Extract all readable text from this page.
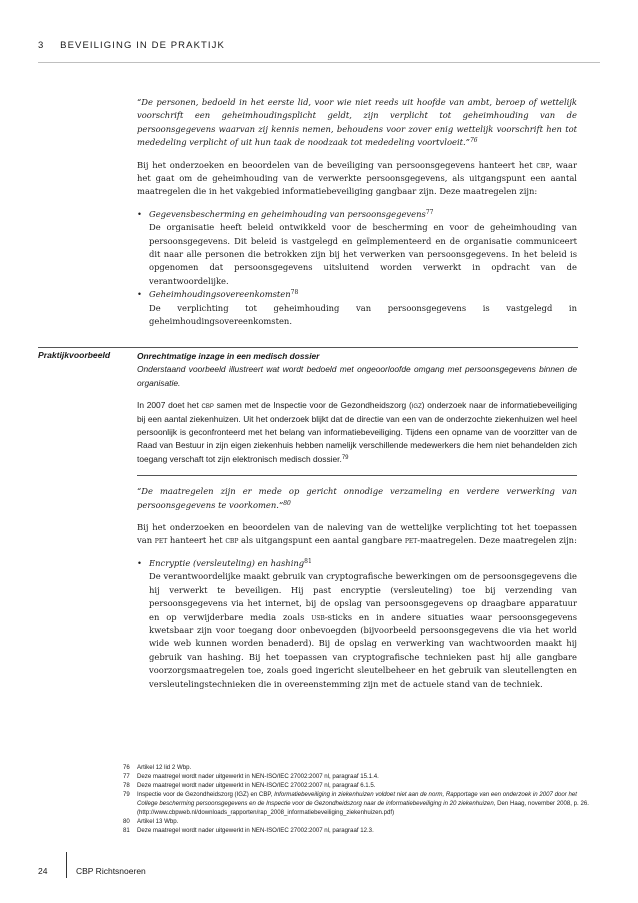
3 BEVEILIGING IN DE PRAKTIJK

“De personen, bedoeld in het eerste lid, voor wie niet reeds uit hoofde van ambt, beroep of wettelijk voorschrift een geheimhoudingsplicht geldt, zijn verplicht tot geheimhouding van de persoonsgegevens waarvan zij kennis nemen, behoudens voor zover enig wettelijk voorschrift hen tot mededeling verplicht of uit hun taak de noodzaak tot mededeling voortvloeit.”$^{76}$

Bij het onderzoeken en beoordelen van de beveiliging van persoonsgegevens hanteert het cbp, waar het gaat om de geheimhouding van de verwerkte persoonsgegevens, als uitgangspunt een aantal maatregelen die in het vakgebied informatiebeveiliging gangbaar zijn. Deze maatregelen zijn:

• Gegevensbescherming en geheimhouding van persoonsgegevens$^{77}$
De organisatie heeft beleid ontwikkeld voor de bescherming en voor de geheimhouding van persoonsgegevens. Dit beleid is vastgelegd en geïmplementeerd en de organisatie communiceert dit naar alle personen die betrokken zijn bij het verwerken van persoonsgegevens. In het beleid is opgenomen dat persoonsgegevens uitsluitend worden verwerkt in opdracht van de verantwoordelijke.
• Geheimhoudingsovereenkomsten$^{78}$
De verplichting tot geheimhouding van persoonsgegevens is vastgelegd in geheimhoudingsovereenkomsten.
Praktijkvoorbeeld	Onrechtmatige inzage in een medisch dossier

Onderstaand voorbeeld illustreert wat wordt bedoeld met ongeoorloofde omgang met persoonsgegevens binnen de organisatie.

In 2007 doet het cbp samen met de Inspectie voor de Gezondheidszorg (igz) onderzoek naar de informatiebeveiliging bij een aantal ziekenhuizen. Uit het onderzoek blijkt dat de directie van een van de onderzochte ziekenhuizen wel heel persoonlijk is geconfronteerd met het belang van informatiebeveiliging. Tijdens een opname van de voorzitter van de Raad van Bestuur in zijn eigen ziekenhuis hebben namelijk verschillende medewerkers die hem niet behandelden zich toegang verschaft tot zijn elektronisch medisch dossier.$^{79}$

“De maatregelen zijn er mede op gericht onnodige verzameling en verdere verwerking van persoonsgegevens te voorkomen.”$^{80}$

Bij het onderzoeken en beoordelen van de naleving van de wettelijke verplichting tot het toepassen van pet hanteert het cbp als uitgangspunt een aantal gangbare pet-maatregelen. Deze maatregelen zijn:

• Encryptie (versleuteling) en hashing$^{81}$
De verantwoordelijke maakt gebruik van cryptografische bewerkingen om de persoonsgegevens die hij verwerkt te beveiligen. Hij past encryptie (versleuteling) toe bij verzending van persoonsgegevens via het internet, bij de opslag van persoonsgegevens op draagbare apparatuur en op verwijderbare media zoals usb-sticks en in andere situaties waar persoonsgegevens kwetsbaar zijn voor toegang door onbevoegden (bijvoorbeeld persoonsgegevens die via het world wide web kunnen worden benaderd). Bij de opslag en verwerking van wachtwoorden maakt hij gebruik van hashing. Bij het toepassen van cryptografische technieken past hij alle gangbare voorzorgsmaatregelen toe, zoals goed ingericht sleutelbeheer en het gebruik van sleutellengten en versleutelingstechnieken die in overeenstemming zijn met de actuele stand van de techniek.
76	Artikel 12 lid 2 Wbp.
77	Deze maatregel wordt nader uitgewerkt in NEN-ISO/IEC 27002:2007 nl, paragraaf 15.1.4.
78	Deze maatregel wordt nader uitgewerkt in NEN-ISO/IEC 27002:2007 nl, paragraaf 6.1.5.
79	Inspectie voor de Gezondheidszorg (IGZ) en CBP, Informatiebeveiliging in ziekenhuizen voldoet niet aan de norm, Rapportage van een onderzoek in 2007 door het College bescherming persoonsgegevens en de Inspectie voor de Gezondheidszorg naar de informatiebeveiliging in 20 ziekenhuizen, Den Haag, november 2008, p. 26.
(http://www.cbpweb.nl/downloads_rapporten/rap_2008_informatiebeveiliging_ziekenhuizen.pdf)
80	Artikel 13 Wbp.
81	Deze maatregel wordt nader uitgewerkt in NEN-ISO/IEC 27002:2007 nl, paragraaf 12.3.
24	CBP Richtsnoeren
